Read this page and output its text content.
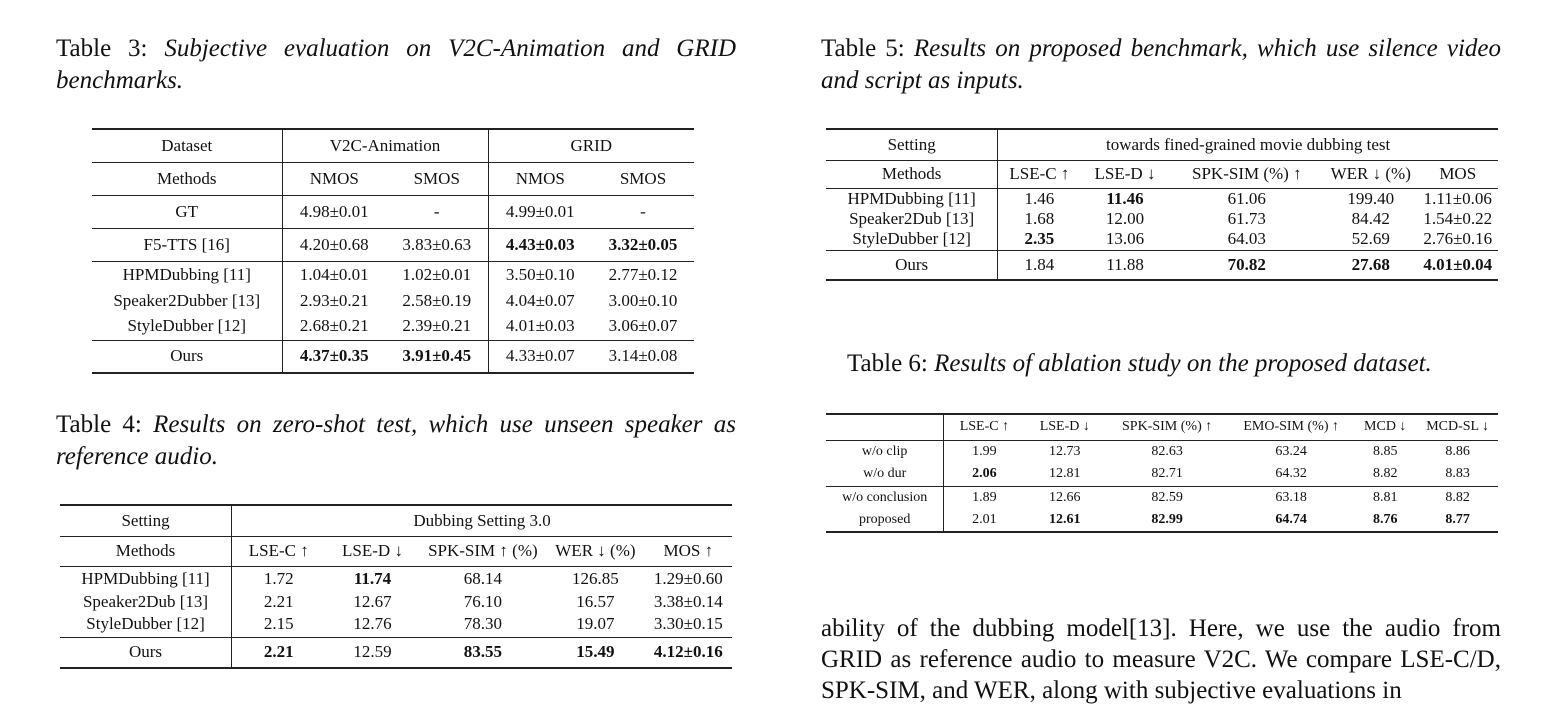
Table 3: Subjective evaluation on V2C-Animation and GRID benchmarks.
Dataset	V2C-Animation		GRID	
Methods	NMOS	SMOS	NMOS	SMOS
GT	4.98±0.01	-	4.99±0.01	-
F5-TTS [16]	4.20±0.68	3.83±0.63	4.43±0.03	3.32±0.05
HPMDubbing [11]	1.04±0.01	1.02±0.01	3.50±0.10	2.77±0.12
Speaker2Dubber [13]	2.93±0.21	2.58±0.19	4.04±0.07	3.00±0.10
StyleDubber [12]	2.68±0.21	2.39±0.21	4.01±0.03	3.06±0.07
Ours	4.37±0.35	3.91±0.45	4.33±0.07	3.14±0.08
Table 4: Results on zero-shot test, which use unseen speaker as reference audio.
Setting	Dubbing Setting 3.0				
Methods	LSE-C ↑	LSE-D ↓	SPK-SIM ↑ (%)	WER ↓ (%)	MOS ↑
HPMDubbing [11]	1.72	11.74	68.14	126.85	1.29±0.60
Speaker2Dub [13]	2.21	12.67	76.10	16.57	3.38±0.14
StyleDubber [12]	2.15	12.76	78.30	19.07	3.30±0.15
Ours	2.21	12.59	83.55	15.49	4.12±0.16
Table 5: Results on proposed benchmark, which use silence video and script as inputs.
Setting	towards fined-grained movie dubbing test				
Methods	LSE-C ↑	LSE-D ↓	SPK-SIM (%) ↑	WER ↓ (%)	MOS
HPMDubbing [11]	1.46	11.46	61.06	199.40	1.11±0.06
Speaker2Dub [13]	1.68	12.00	61.73	84.42	1.54±0.22
StyleDubber [12]	2.35	13.06	64.03	52.69	2.76±0.16
Ours	1.84	11.88	70.82	27.68	4.01±0.04
Table 6: Results of ablation study on the proposed dataset.
	LSE-C ↑	LSE-D ↓	SPK-SIM (%) ↑	EMO-SIM (%) ↑	MCD ↓	MCD-SL ↓
w/o clip	1.99	12.73	82.63	63.24	8.85	8.86
w/o dur	2.06	12.81	82.71	64.32	8.82	8.83
w/o conclusion	1.89	12.66	82.59	63.18	8.81	8.82
proposed	2.01	12.61	82.99	64.74	8.76	8.77
ability of the dubbing model[13]. Here, we use the audio from GRID as reference audio to measure V2C. We compare LSE-C/D, SPK-SIM, and WER, along with subjective evaluations in
